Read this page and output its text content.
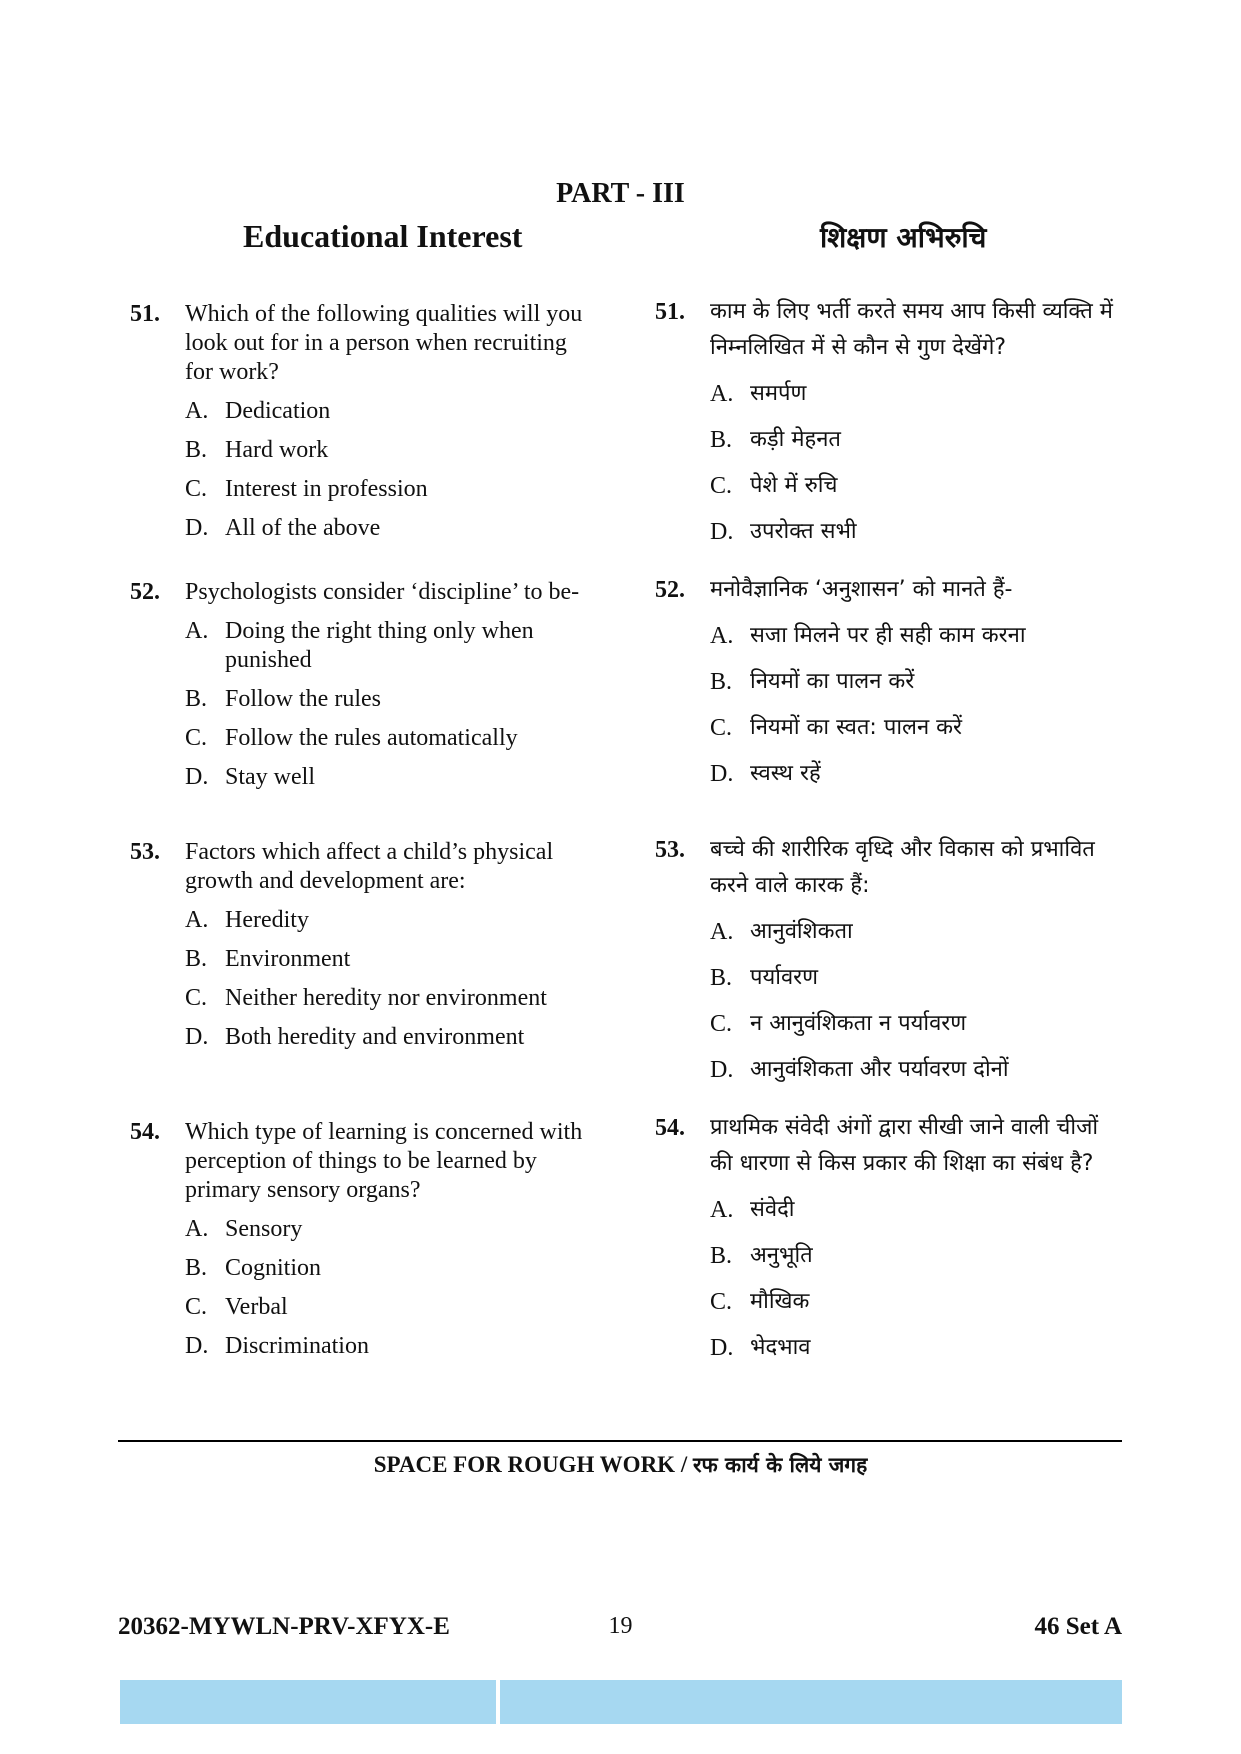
PART - III
Educational Interest	शिक्षण अभिरुचि
51. Which of the following qualities will you look out for in a person when recruiting for work?
A. Dedication
B. Hard work
C. Interest in profession
D. All of the above
52. Psychologists consider ‘discipline’ to be-
A. Doing the right thing only when punished
B. Follow the rules
C. Follow the rules automatically
D. Stay well
53. Factors which affect a child’s physical growth and development are:
A. Heredity
B. Environment
C. Neither heredity nor environment
D. Both heredity and environment
54. Which type of learning is concerned with perception of things to be learned by primary sensory organs?
A. Sensory
B. Cognition
C. Verbal
D. Discrimination
51. काम के लिए भर्ती करते समय आप किसी व्यक्ति में निम्नलिखित में से कौन से गुण देखेंगे?
A. समर्पण
B. कड़ी मेहनत
C. पेशे में रुचि
D. उपरोक्त सभी
52. मनोवैज्ञानिक ‘अनुशासन’ को मानते हैं-
A. सजा मिलने पर ही सही काम करना
B. नियमों का पालन करें
C. नियमों का स्वत: पालन करें
D. स्वस्थ रहें
53. बच्चे की शारीरिक वृध्दि और विकास को प्रभावित करने वाले कारक हैं:
A. आनुवंशिकता
B. पर्यावरण
C. न आनुवंशिकता न पर्यावरण
D. आनुवंशिकता और पर्यावरण दोनों
54. प्राथमिक संवेदी अंगों द्वारा सीखी जाने वाली चीजों की धारणा से किस प्रकार की शिक्षा का संबंध है?
A. संवेदी
B. अनुभूति
C. मौखिक
D. भेदभाव
SPACE FOR ROUGH WORK / रफ कार्य के लिये जगह
20362-MYWLN-PRV-XFYX-E	19	46 Set A
